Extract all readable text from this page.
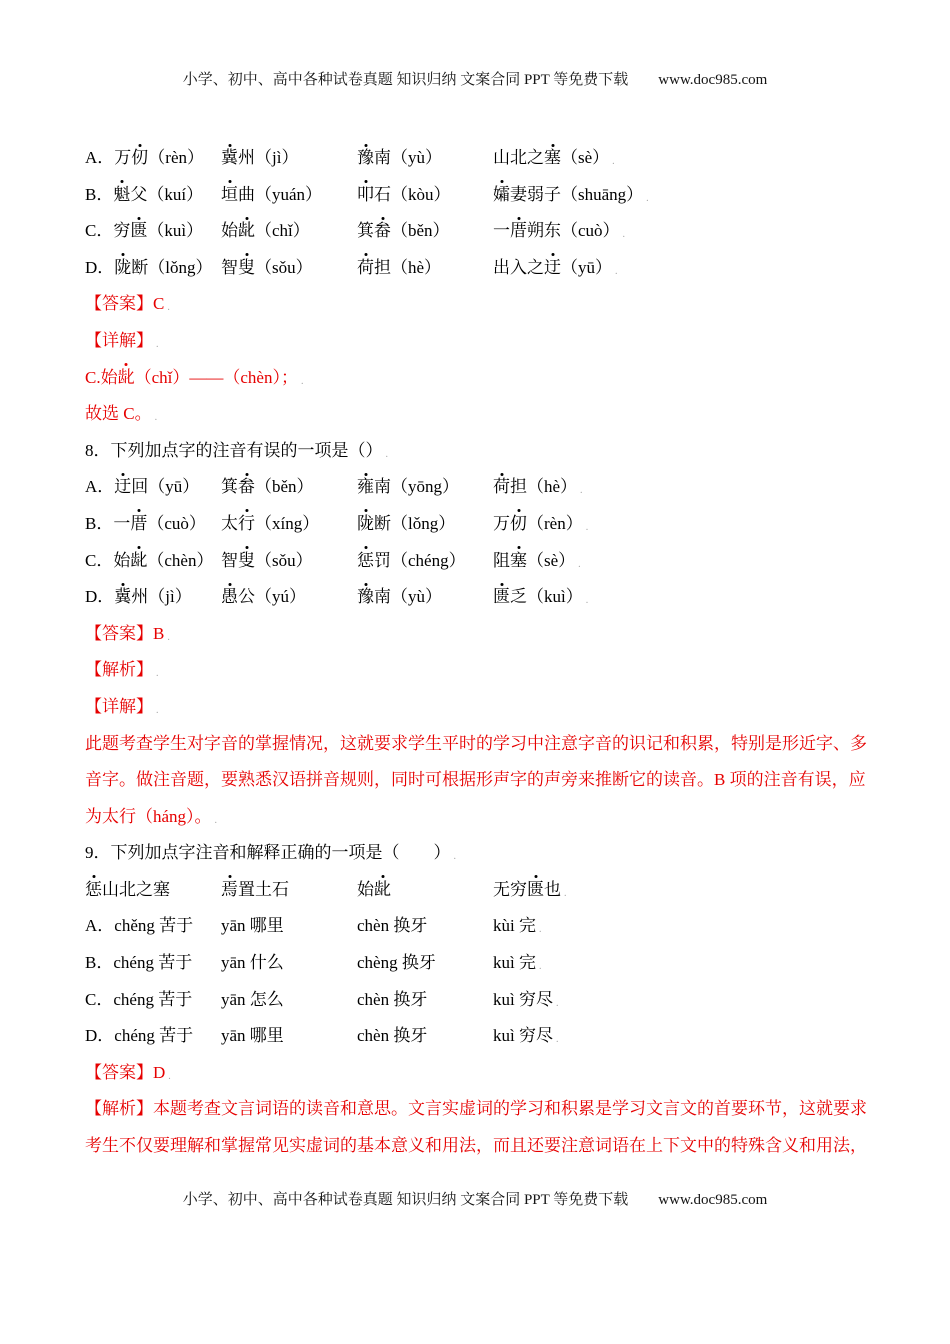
小学、初中、高中各种试卷真题 知识归纳 文案合同 PPT 等免费下载 www.doc985.com
A．万仞（rèn） 冀州（jì）	豫南（yù）	山北之塞（sè） .
B．魁父（kuí） 垣曲（yuán） 叩石（kòu）	孀妻弱子（shuāng） .
C．穷匮（kuì） 始龀（chǐ）	箕畚（běn）	一厝朔东（cuò） .
D．陇断（lǒng） 智叟（sǒu）	荷担（hè）	出入之迂（yū） .
【答案】C .
【详解】 .
C.始龀（chǐ）——（chèn）； .
故选 C。 .
8．下列加点字的注音有误的一项是（） .
A．迂回（yū） 箕畚（běn）	雍南（yōng） 荷担（hè） .
B．一厝（cuò） 太行（xíng） 陇断（lǒng） 万仞（rèn） .
C．始龀（chèn） 智叟（sǒu）	惩罚（chéng） 阻塞（sè） .
D．冀州（jì） 愚公（yú）	豫南（yù）	匮乏（kuì） .
【答案】B .
【解析】 .
【详解】 .
此题考查学生对字音的掌握情况，这就要求学生平时的学习中注意字音的识记和积累，特别是形近字、多
音字。做注音题，要熟悉汉语拼音规则，同时可根据形声字的声旁来推断它的读音。B 项的注音有误，应
为太行（háng）。 .
9．下列加点字注音和解释正确的一项是（　　 ） .
惩山北之塞	焉置土石	始龀	无穷匮也 .
A．chěng 苦于 yān 哪里	chèn 换牙	kùi 完 .
B．chéng 苦于 yān 什么	chèng 换牙	kuì 完 .
C．chéng 苦于 yān 怎么	chèn 换牙	kuì 穷尽 .
D．chéng 苦于 yān 哪里	chèn 换牙	kuì 穷尽 .
【答案】D .
【解析】本题考查文言词语的读音和意思。文言实虚词的学习和积累是学习文言文的首要环节，这就要求
考生不仅要理解和掌握常见实虚词的基本意义和用法，而且还要注意词语在上下文中的特殊含义和用法，
小学、初中、高中各种试卷真题 知识归纳 文案合同 PPT 等免费下载 www.doc985.com
